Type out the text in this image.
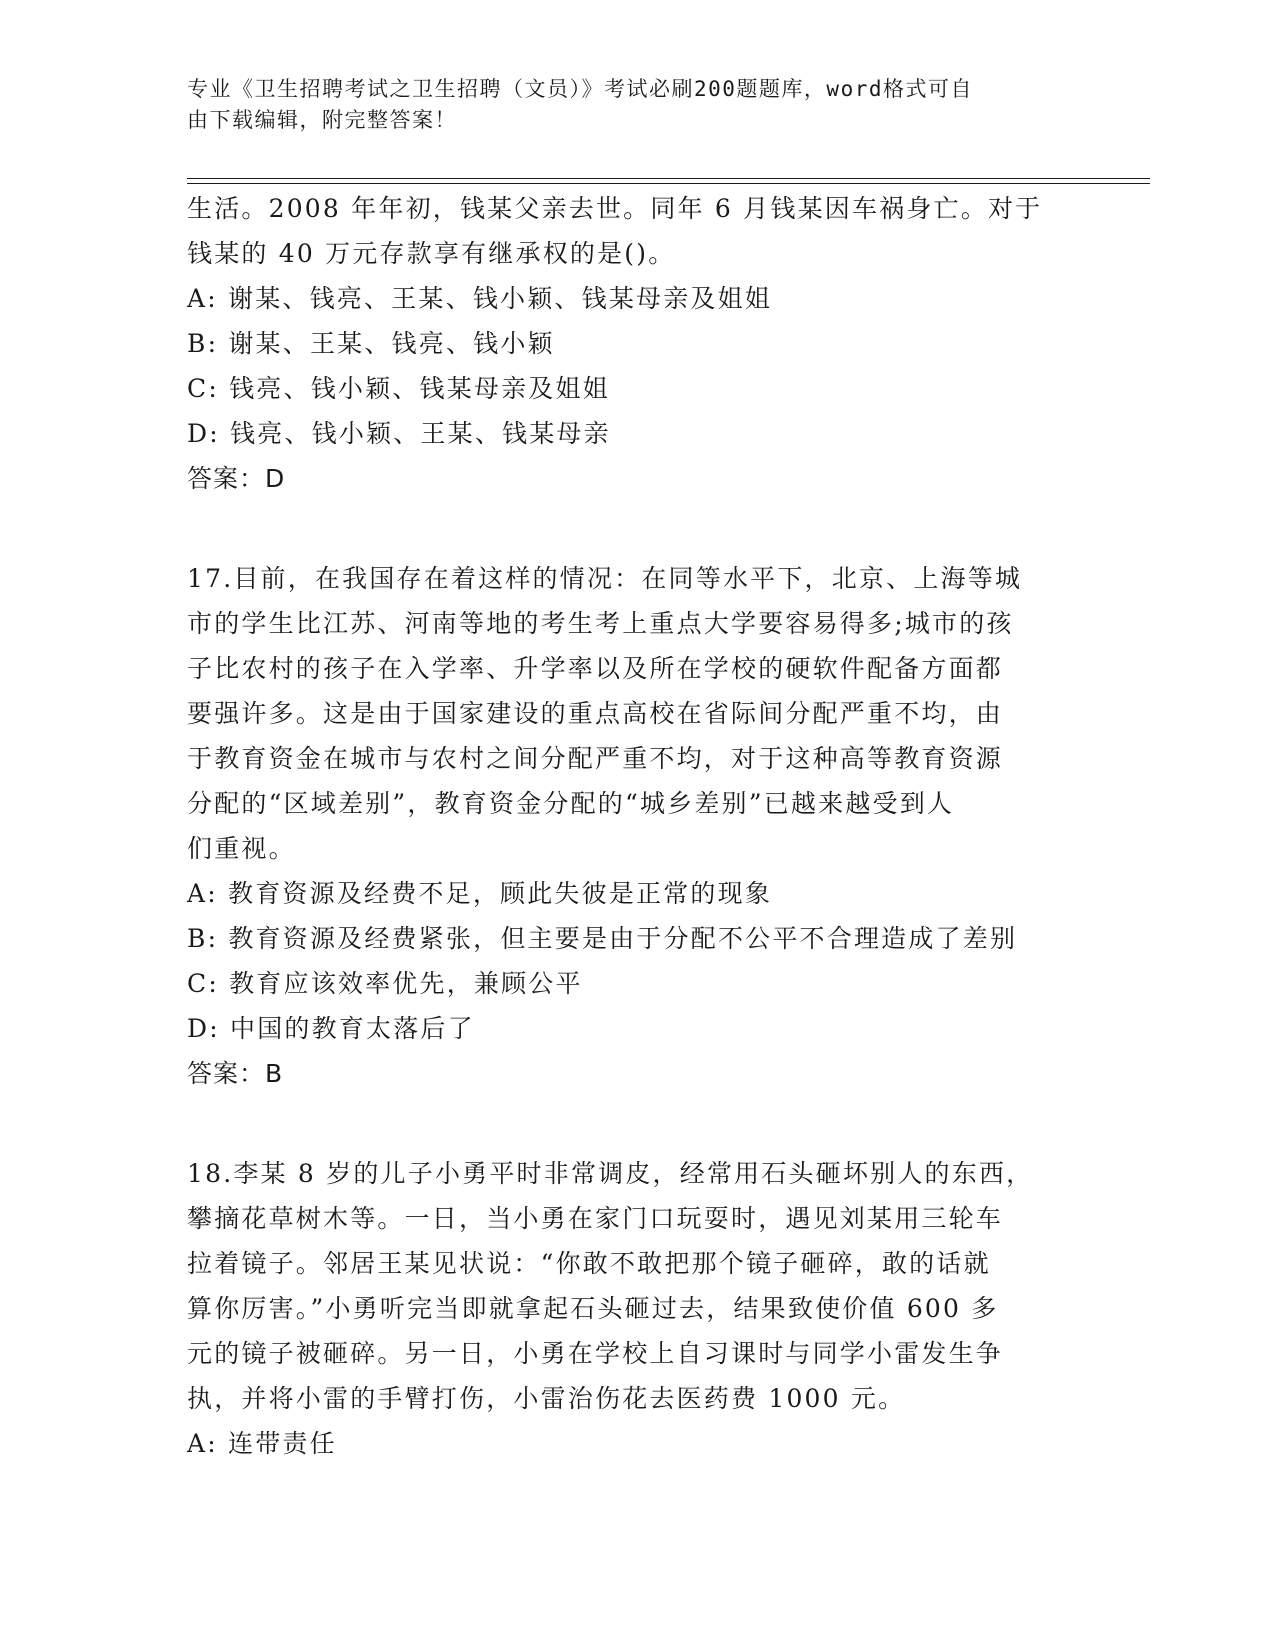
专业《卫生招聘考试之卫生招聘（文员）》考试必刷200题题库，word格式可自
由下载编辑，附完整答案！

生活。2008 年年初，钱某父亲去世。同年 6 月钱某因车祸身亡。对于

钱某的 40 万元存款享有继承权的是()。

A: 谢某、钱亮、王某、钱小颖、钱某母亲及姐姐

B: 谢某、王某、钱亮、钱小颖

C: 钱亮、钱小颖、钱某母亲及姐姐

D: 钱亮、钱小颖、王某、钱某母亲

答案：D

17.目前，在我国存在着这样的情况：在同等水平下，北京、上海等城

市的学生比江苏、河南等地的考生考上重点大学要容易得多;城市的孩

子比农村的孩子在入学率、升学率以及所在学校的硬软件配备方面都

要强许多。这是由于国家建设的重点高校在省际间分配严重不均，由

于教育资金在城市与农村之间分配严重不均，对于这种高等教育资源

分配的“区域差别”，教育资金分配的“城乡差别”已越来越受到人

们重视。

A: 教育资源及经费不足，顾此失彼是正常的现象

B: 教育资源及经费紧张，但主要是由于分配不公平不合理造成了差别

C: 教育应该效率优先，兼顾公平

D: 中国的教育太落后了

答案：B

18.李某 8 岁的儿子小勇平时非常调皮，经常用石头砸坏别人的东西，

攀摘花草树木等。一日，当小勇在家门口玩耍时，遇见刘某用三轮车

拉着镜子。邻居王某见状说：“你敢不敢把那个镜子砸碎，敢的话就

算你厉害。”小勇听完当即就拿起石头砸过去，结果致使价值 600 多

元的镜子被砸碎。另一日，小勇在学校上自习课时与同学小雷发生争

执，并将小雷的手臂打伤，小雷治伤花去医药费 1000 元。

A: 连带责任
